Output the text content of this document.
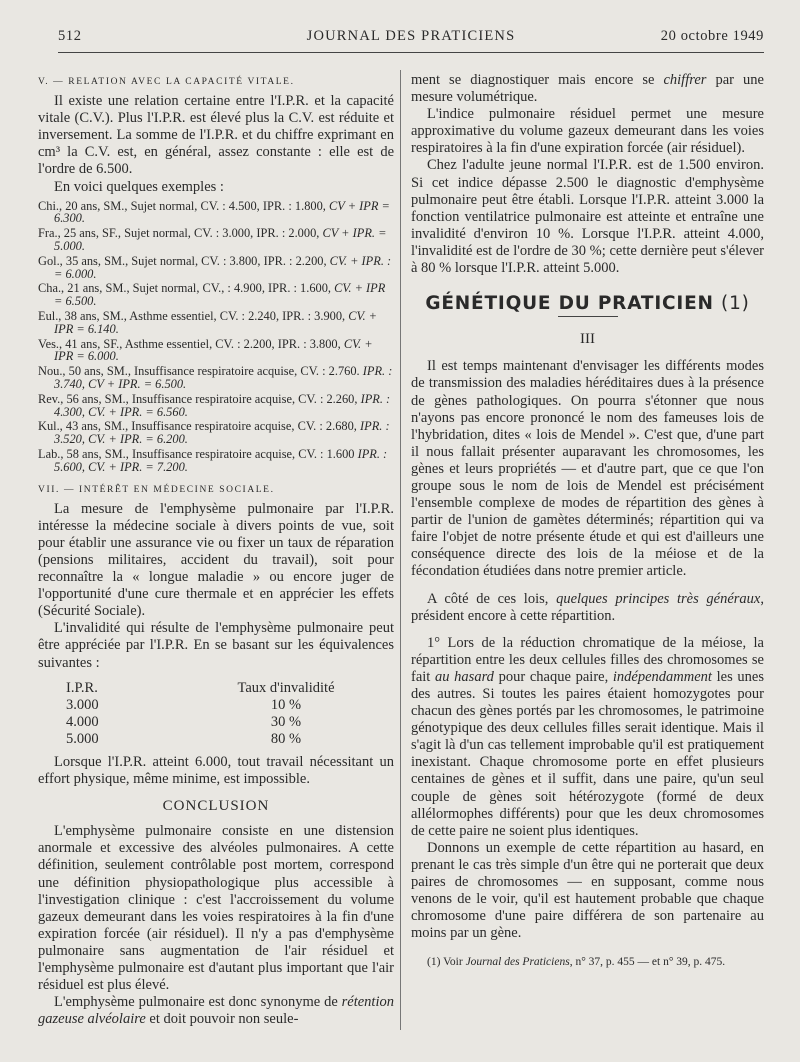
512	JOURNAL DES PRATICIENS	20 octobre 1949

V. — RELATION AVEC LA CAPACITÉ VITALE.

Il existe une relation certaine entre l'I.P.R. et la capacité vitale (C.V.). Plus l'I.P.R. est élevé plus la C.V. est réduite et inversement. La somme de l'I.P.R. et du chiffre exprimant en cm³ la C.V. est, en général, assez constante : elle est de l'ordre de 6.500.

En voici quelques exemples :

Chi., 20 ans, SM., Sujet normal, CV. : 4.500, IPR. : 1.800, CV + IPR = 6.300.
Fra., 25 ans, SF., Sujet normal, CV. : 3.000, IPR. : 2.000, CV + IPR. = 5.000.
Gol., 35 ans, SM., Sujet normal, CV. : 3.800, IPR. : 2.200, CV. + IPR. : = 6.000.
Cha., 21 ans, SM., Sujet normal, CV., : 4.900, IPR. : 1.600, CV. + IPR = 6.500.
Eul., 38 ans, SM., Asthme essentiel, CV. : 2.240, IPR. : 3.900, CV. + IPR = 6.140.
Ves., 41 ans, SF., Asthme essentiel, CV. : 2.200, IPR. : 3.800, CV. + IPR = 6.000.
Nou., 50 ans, SM., Insuffisance respiratoire acquise, CV. : 2.760. IPR. : 3.740, CV + IPR. = 6.500.
Rev., 56 ans, SM., Insuffisance respiratoire acquise, CV. : 2.260, IPR. : 4.300, CV. + IPR. = 6.560.
Kul., 43 ans, SM., Insuffisance respiratoire acquise, CV. : 2.680, IPR. : 3.520, CV. + IPR. = 6.200.
Lab., 58 ans, SM., Insuffisance respiratoire acquise, CV. : 1.600 IPR. : 5.600, CV. + IPR. = 7.200.

VII. — INTÉRÊT EN MÉDECINE SOCIALE.

La mesure de l'emphysème pulmonaire par l'I.P.R. intéresse la médecine sociale à divers points de vue, soit pour établir une assurance vie ou fixer un taux de réparation (pensions militaires, accident du travail), soit pour reconnaître la « longue maladie » ou encore juger de l'opportunité d'une cure thermale et en apprécier les effets (Sécurité Sociale).

L'invalidité qui résulte de l'emphysème pulmonaire peut être appréciée par l'I.P.R. En se basant sur les équivalences suivantes :

I.P.R.	Taux d'invalidité
3.000	10 %
4.000	30 %
5.000	80 %

Lorsque l'I.P.R. atteint 6.000, tout travail nécessitant un effort physique, même minime, est impossible.

CONCLUSION

L'emphysème pulmonaire consiste en une distension anormale et excessive des alvéoles pulmonaires. A cette définition, seulement contrôlable post mortem, correspond une définition physiopathologique plus accessible à l'investigation clinique : c'est l'accroissement du volume gazeux demeurant dans les voies respiratoires à la fin d'une expiration forcée (air résiduel). Il n'y a pas d'emphysème pulmonaire sans augmentation de l'air résiduel et l'emphysème pulmonaire est d'autant plus important que l'air résiduel est plus élevé.

L'emphysème pulmonaire est donc synonyme de rétention gazeuse alvéolaire et doit pouvoir non seule-

ment se diagnostiquer mais encore se chiffrer par une mesure volumétrique.

L'indice pulmonaire résiduel permet une mesure approximative du volume gazeux demeurant dans les voies respiratoires à la fin d'une expiration forcée (air résiduel).

Chez l'adulte jeune normal l'I.P.R. est de 1.500 environ. Si cet indice dépasse 2.500 le diagnostic d'emphysème pulmonaire peut être établi. Lorsque l'I.P.R. atteint 3.000 la fonction ventilatrice pulmonaire est atteinte et entraîne une invalidité d'environ 10 %. Lorsque l'I.P.R. atteint 4.000, l'invalidité est de l'ordre de 30 %; cette dernière peut s'élever à 80 % lorsque l'I.P.R. atteint 5.000.

GÉNÉTIQUE DU PRATICIEN (1)
III

Il est temps maintenant d'envisager les différents modes de transmission des maladies héréditaires dues à la présence de gènes pathologiques. On pourra s'étonner que nous n'ayons pas encore prononcé le nom des fameuses lois de l'hybridation, dites « lois de Mendel ». C'est que, d'une part il nous fallait présenter auparavant les chromosomes, les gènes et leurs propriétés — et d'autre part, que ce que l'on groupe sous le nom de lois de Mendel est précisément l'ensemble complexe de modes de répartition des gènes à partir de l'union de gamètes déterminés; répartition qui va faire l'objet de notre présente étude et qui est d'ailleurs une conséquence directe des lois de la méiose et de la fécondation étudiées dans notre premier article.

A côté de ces lois, quelques principes très généraux, président encore à cette répartition.

1° Lors de la réduction chromatique de la méiose, la répartition entre les deux cellules filles des chromosomes se fait au hasard pour chaque paire, indépendamment les unes des autres. Si toutes les paires étaient homozygotes pour chacun des gènes portés par les chromosomes, le patrimoine génotypique des deux cellules filles serait identique. Mais il s'agit là d'un cas tellement improbable qu'il est pratiquement inexistant. Chaque chromosome porte en effet plusieurs centaines de gènes et il suffit, dans une paire, qu'un seul couple de gènes soit hétérozygote (formé de deux allélormophes différents) pour que les deux chromosomes de cette paire ne soient plus identiques.

Donnons un exemple de cette répartition au hasard, en prenant le cas très simple d'un être qui ne porterait que deux paires de chromosomes — en supposant, comme nous venons de le voir, qu'il est hautement probable que chaque chromosome d'une paire différera de son partenaire au moins par un gène.

(1) Voir Journal des Praticiens, n° 37, p. 455 — et n° 39, p. 475.
